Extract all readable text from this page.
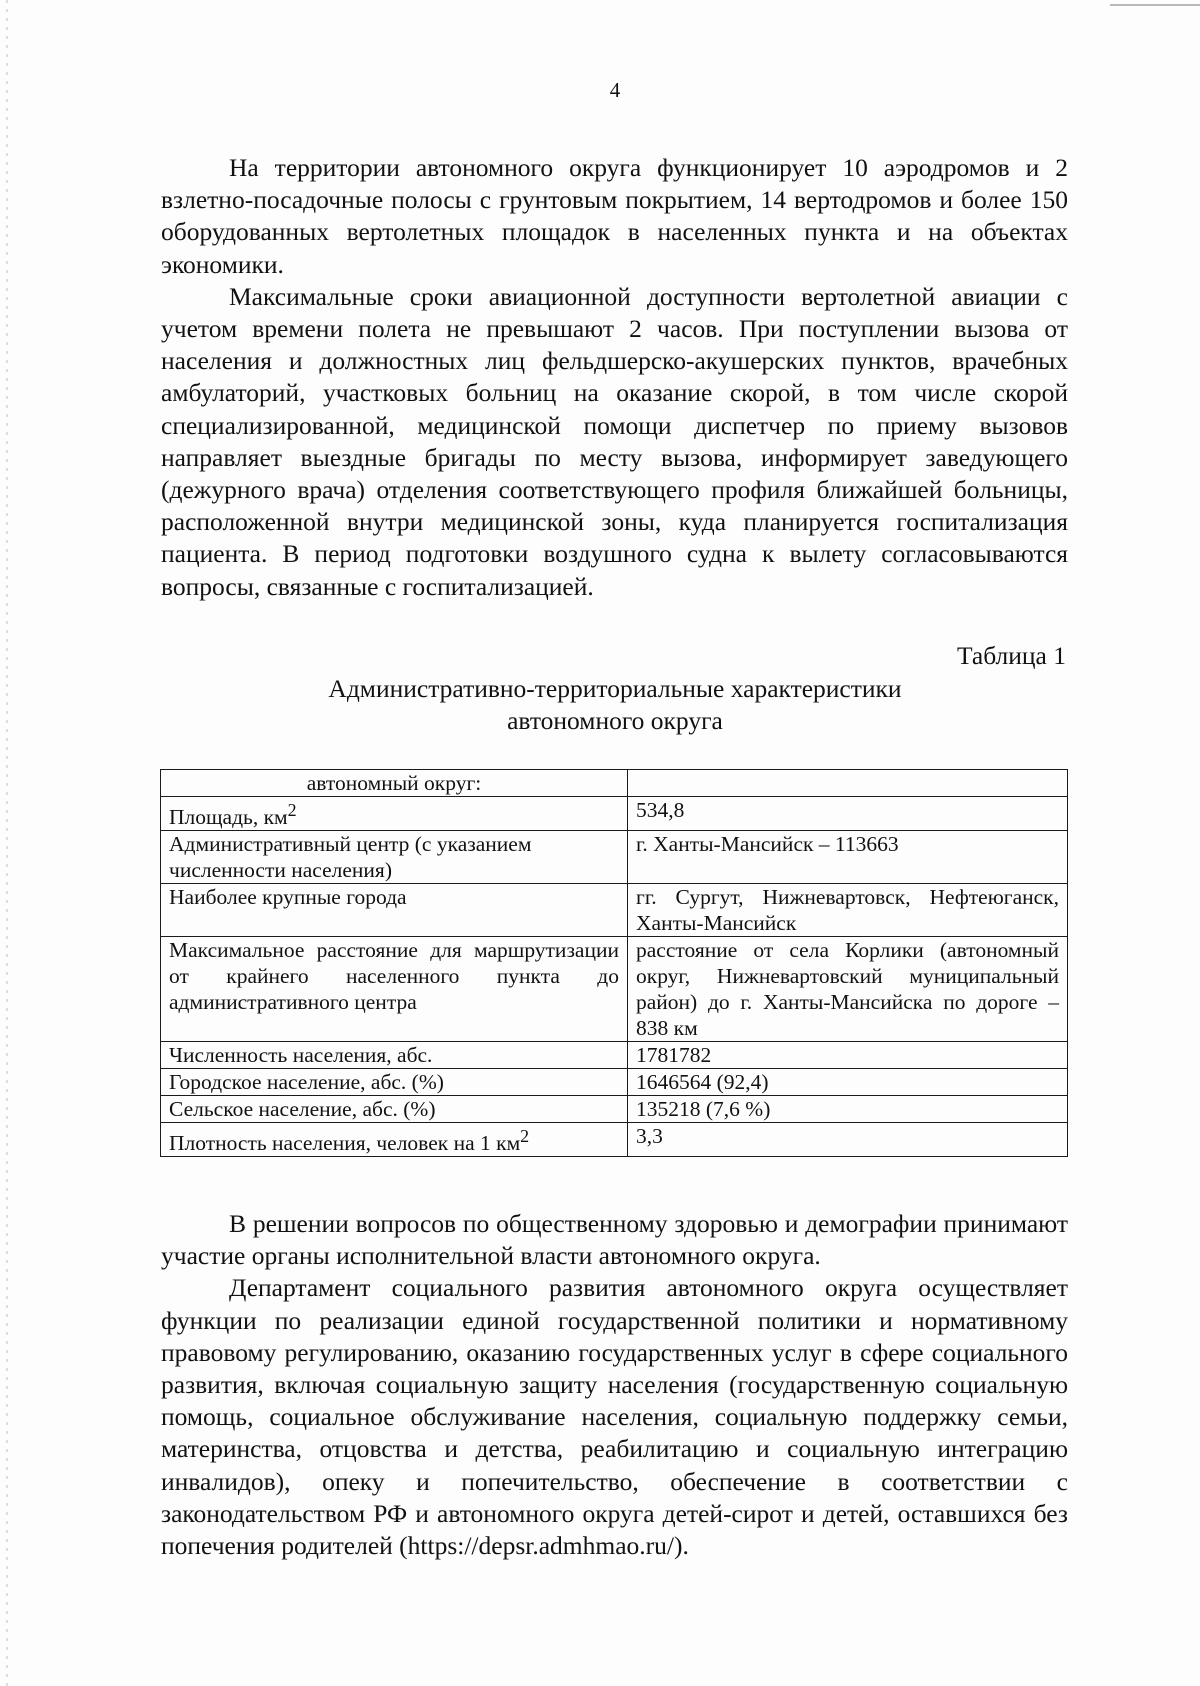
4

На территории автономного округа функционирует 10 аэродромов и 2 взлетно-посадочные полосы с грунтовым покрытием, 14 вертодромов и более 150 оборудованных вертолетных площадок в населенных пункта и на объектах экономики.

Максимальные сроки авиационной доступности вертолетной авиации с учетом времени полета не превышают 2 часов. При поступлении вызова от населения и должностных лиц фельдшерско-акушерских пунктов, врачебных амбулаторий, участковых больниц на оказание скорой, в том числе скорой специализированной, медицинской помощи диспетчер по приему вызовов направляет выездные бригады по месту вызова, информирует заведующего (дежурного врача) отделения соответствующего профиля ближайшей больницы, расположенной внутри медицинской зоны, куда планируется госпитализация пациента. В период подготовки воздушного судна к вылету согласовываются вопросы, связанные с госпитализацией.

Таблица 1
Административно-территориальные характеристики
автономного округа
автономный округ:	
Площадь, $км^2$	534,8
Административный центр (с указанием численности населения)	г. Ханты-Мансийск – 113663
Наиболее крупные города	гг. Сургут, Нижневартовск, Нефтеюганск, Ханты-Мансийск
Максимальное расстояние для маршрутизации от крайнего населенного пункта до административного центра	расстояние от села Корлики (автономный округ, Нижневартовский муниципальный район) до г. Ханты-Мансийска по дороге – 838 км
Численность населения, абс.	1781782
Городское население, абс. (%)	1646564 (92,4)
Сельское население, абс. (%)	135218 (7,6 %)
Плотность населения, человек на 1 $км^2$	3,3

В решении вопросов по общественному здоровью и демографии принимают участие органы исполнительной власти автономного округа.

Департамент социального развития автономного округа осуществляет функции по реализации единой государственной политики и нормативному правовому регулированию, оказанию государственных услуг в сфере социального развития, включая социальную защиту населения (государственную социальную помощь, социальное обслуживание населения, социальную поддержку семьи, материнства, отцовства и детства, реабилитацию и социальную интеграцию инвалидов), опеку и попечительство, обеспечение в соответствии с законодательством РФ и автономного округа детей-сирот и детей, оставшихся без попечения родителей (https://depsr.admhmao.ru/).
